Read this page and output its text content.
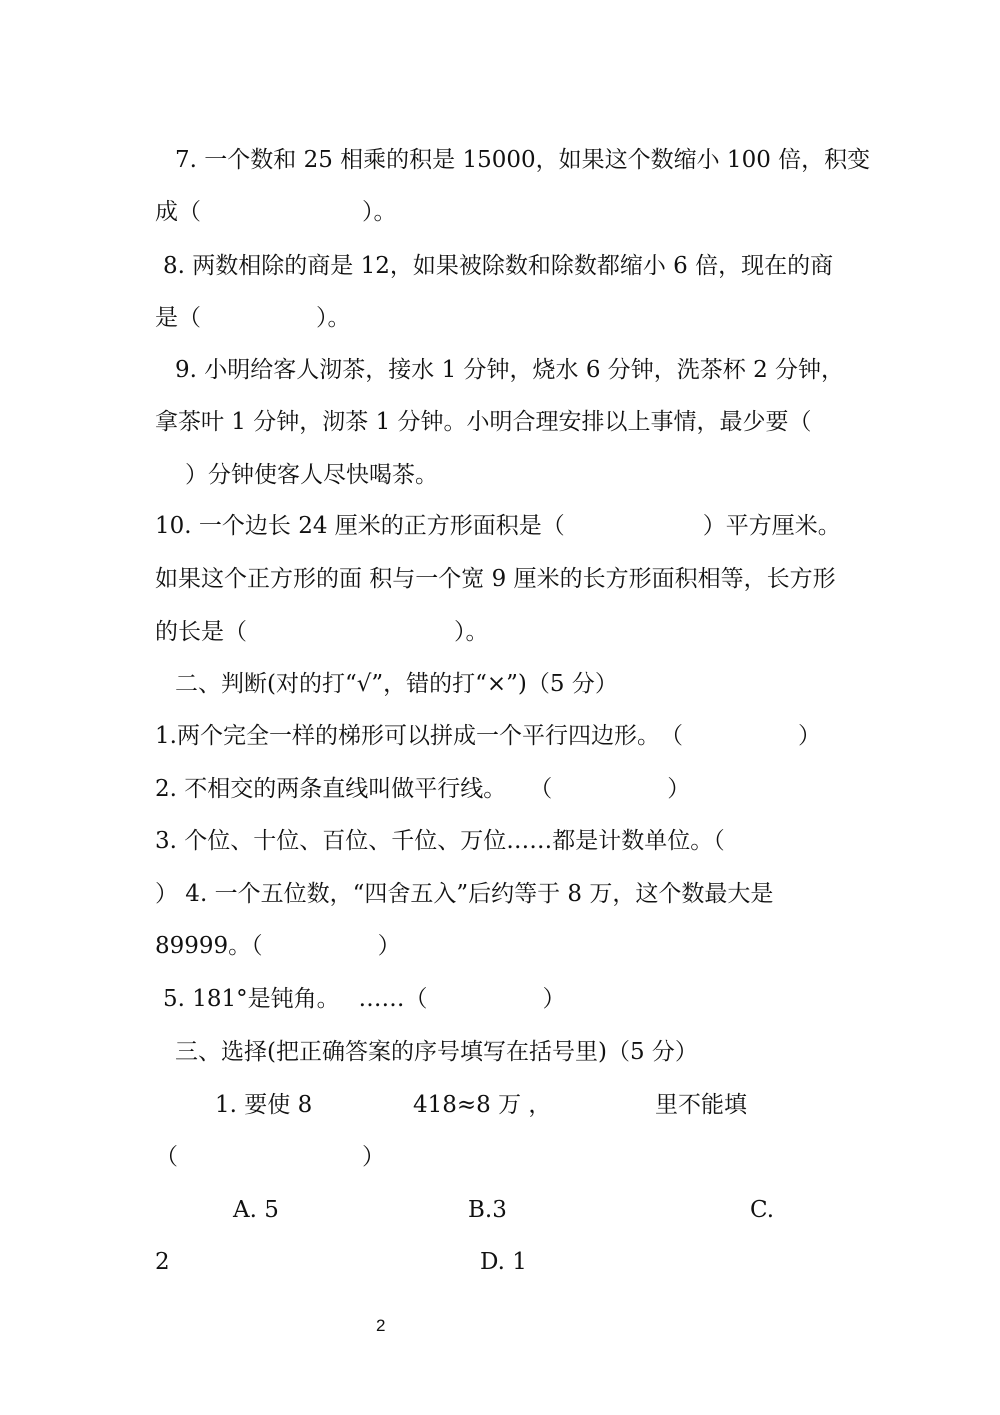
7. 一个数和 25 相乘的积是 15000，如果这个数缩小 100 倍，积变
成（　　　　　　　）。
8. 两数相除的商是 12，如果被除数和除数都缩小 6 倍，现在的商
是（　　　　　）。
9. 小明给客人沏茶，接水 1 分钟，烧水 6 分钟，洗茶杯 2 分钟，
拿茶叶 1 分钟，沏茶 1 分钟。小明合理安排以上事情，最少要（
）分钟使客人尽快喝茶。
10. 一个边长 24 厘米的正方形面积是（　　　　　　）平方厘米。
如果这个正方形的面 积与一个宽 9 厘米的长方形面积相等，长方形
的长是（　　　　　　　　　）。
二、判断(对的打“√”，错的打“×”)（5 分）
1.两个完全一样的梯形可以拼成一个平行四边形。　（　　　　　）
2. 不相交的两条直线叫做平行线。　　（　　　　　）
3. 个位、十位、百位、千位、万位……都是计数单位。（
） 4. 一个五位数，“四舍五入”后约等于 8 万，这个数最大是
89999。（　　　　　）
5. 181°是钝角。　 ……（　　　　　）
三、选择(把正确答案的序号填写在括号里)（5 分）
1. 要使 8	418≈8 万 ，	里不能填
（　　　　　　　　）
A. 5	B.3	C.
2	D. 1
2
